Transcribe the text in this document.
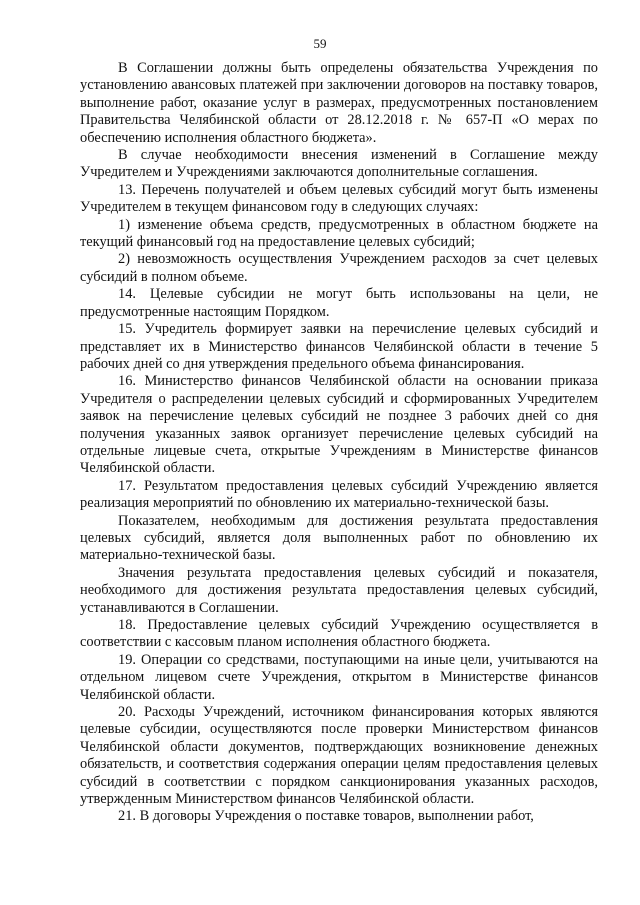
59

В Соглашении должны быть определены обязательства Учреждения по установлению авансовых платежей при заключении договоров на поставку товаров, выполнение работ, оказание услуг в размерах, предусмотренных постановлением Правительства Челябинской области от 28.12.2018 г. № 657-П «О мерах по обеспечению исполнения областного бюджета».

В случае необходимости внесения изменений в Соглашение между Учредителем и Учреждениями заключаются дополнительные соглашения.

13. Перечень получателей и объем целевых субсидий могут быть изменены Учредителем в текущем финансовом году в следующих случаях:

1) изменение объема средств, предусмотренных в областном бюджете на текущий финансовый год на предоставление целевых субсидий;

2) невозможность осуществления Учреждением расходов за счет целевых субсидий в полном объеме.

14. Целевые субсидии не могут быть использованы на цели, не предусмотренные настоящим Порядком.

15. Учредитель формирует заявки на перечисление целевых субсидий и представляет их в Министерство финансов Челябинской области в течение 5 рабочих дней со дня утверждения предельного объема финансирования.

16. Министерство финансов Челябинской области на основании приказа Учредителя о распределении целевых субсидий и сформированных Учредителем заявок на перечисление целевых субсидий не позднее 3 рабочих дней со дня получения указанных заявок организует перечисление целевых субсидий на отдельные лицевые счета, открытые Учреждениям в Министерстве финансов Челябинской области.

17. Результатом предоставления целевых субсидий Учреждению является реализация мероприятий по обновлению их материально-технической базы.

Показателем, необходимым для достижения результата предоставления целевых субсидий, является доля выполненных работ по обновлению их материально-технической базы.

Значения результата предоставления целевых субсидий и показателя, необходимого для достижения результата предоставления целевых субсидий, устанавливаются в Соглашении.

18. Предоставление целевых субсидий Учреждению осуществляется в соответствии с кассовым планом исполнения областного бюджета.

19. Операции со средствами, поступающими на иные цели, учитываются на отдельном лицевом счете Учреждения, открытом в Министерстве финансов Челябинской области.

20. Расходы Учреждений, источником финансирования которых являются целевые субсидии, осуществляются после проверки Министерством финансов Челябинской области документов, подтверждающих возникновение денежных обязательств, и соответствия содержания операции целям предоставления целевых субсидий в соответствии с порядком санкционирования указанных расходов, утвержденным Министерством финансов Челябинской области.

21. В договоры Учреждения о поставке товаров, выполнении работ,
